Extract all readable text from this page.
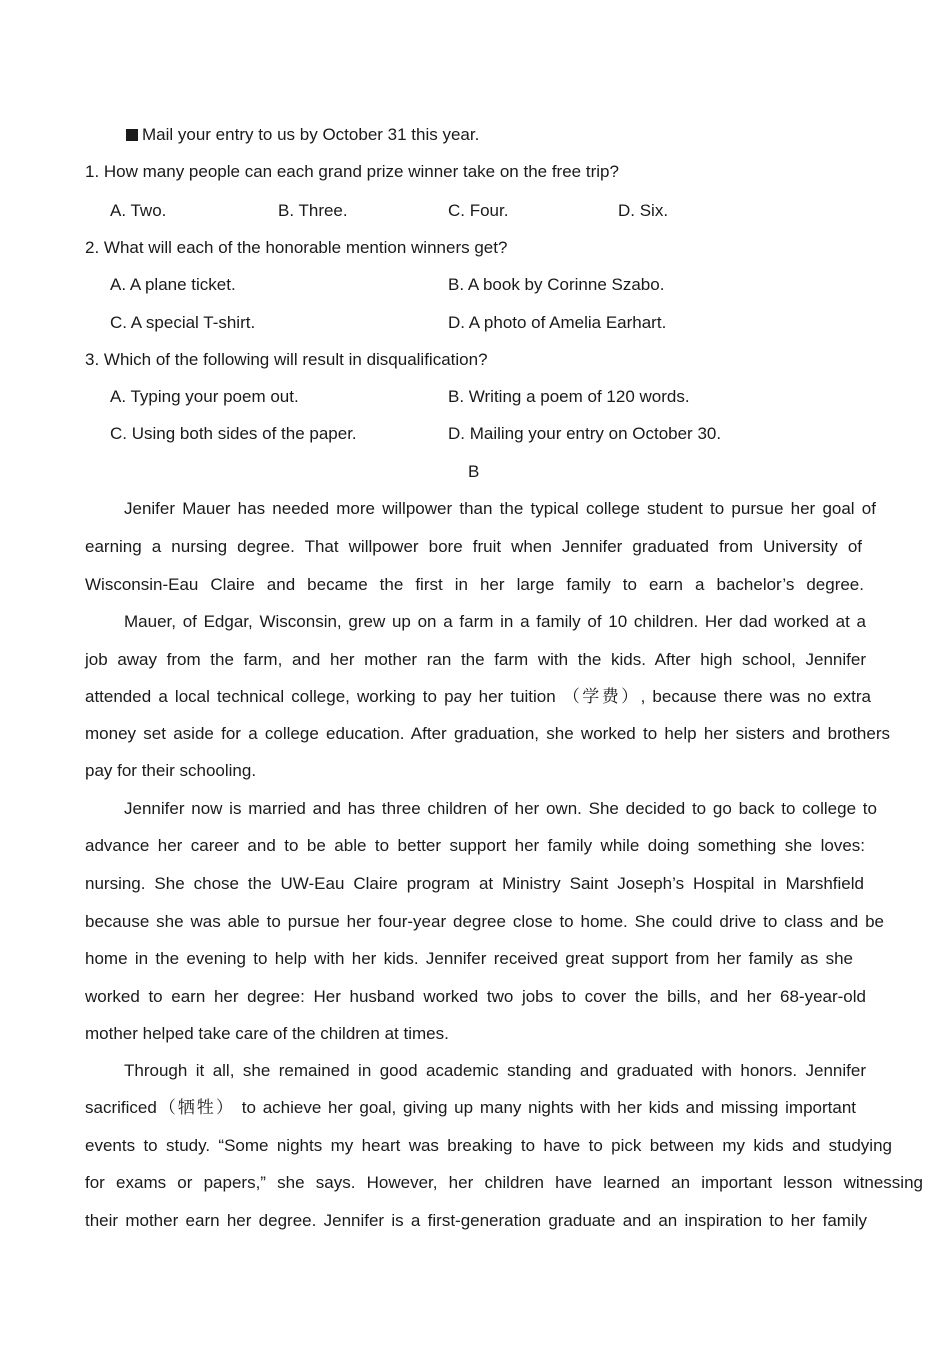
Mail your entry to us by October 31 this year.
1. How many people can each grand prize winner take on the free trip?
A. Two.	B. Three.	C. Four.	D. Six.
2. What will each of the honorable mention winners get?
A. A plane ticket.	B. A book by Corinne Szabo.
C. A special T-shirt.	D. A photo of Amelia Earhart.
3. Which of the following will result in disqualification?
A. Typing your poem out.	B. Writing a poem of 120 words.
C. Using both sides of the paper.	D. Mailing your entry on October 30.
B
Jenifer Mauer has needed more willpower than the typical college student to pursue her goal of
earning a nursing degree. That willpower bore fruit when Jennifer graduated from University of
Wisconsin-Eau Claire and became the first in her large family to earn a bachelor’s degree.
Mauer, of Edgar, Wisconsin, grew up on a farm in a family of 10 children. Her dad worked at a
job away from the farm, and her mother ran the farm with the kids. After high school, Jennifer
attended a local technical college, working to pay her tuition （学费）, because there was no extra
money set aside for a college education. After graduation, she worked to help her sisters and brothers
pay for their schooling.
Jennifer now is married and has three children of her own. She decided to go back to college to
advance her career and to be able to better support her family while doing something she loves:
nursing. She chose the UW-Eau Claire program at Ministry Saint Joseph’s Hospital in Marshfield
because she was able to pursue her four-year degree close to home. She could drive to class and be
home in the evening to help with her kids. Jennifer received great support from her family as she
worked to earn her degree: Her husband worked two jobs to cover the bills, and her 68-year-old
mother helped take care of the children at times.
Through it all, she remained in good academic standing and graduated with honors. Jennifer
sacrificed（牺牲） to achieve her goal, giving up many nights with her kids and missing important
events to study. “Some nights my heart was breaking to have to pick between my kids and studying
for exams or papers,” she says. However, her children have learned an important lesson witnessing
their mother earn her degree. Jennifer is a first-generation graduate and an inspiration to her family
